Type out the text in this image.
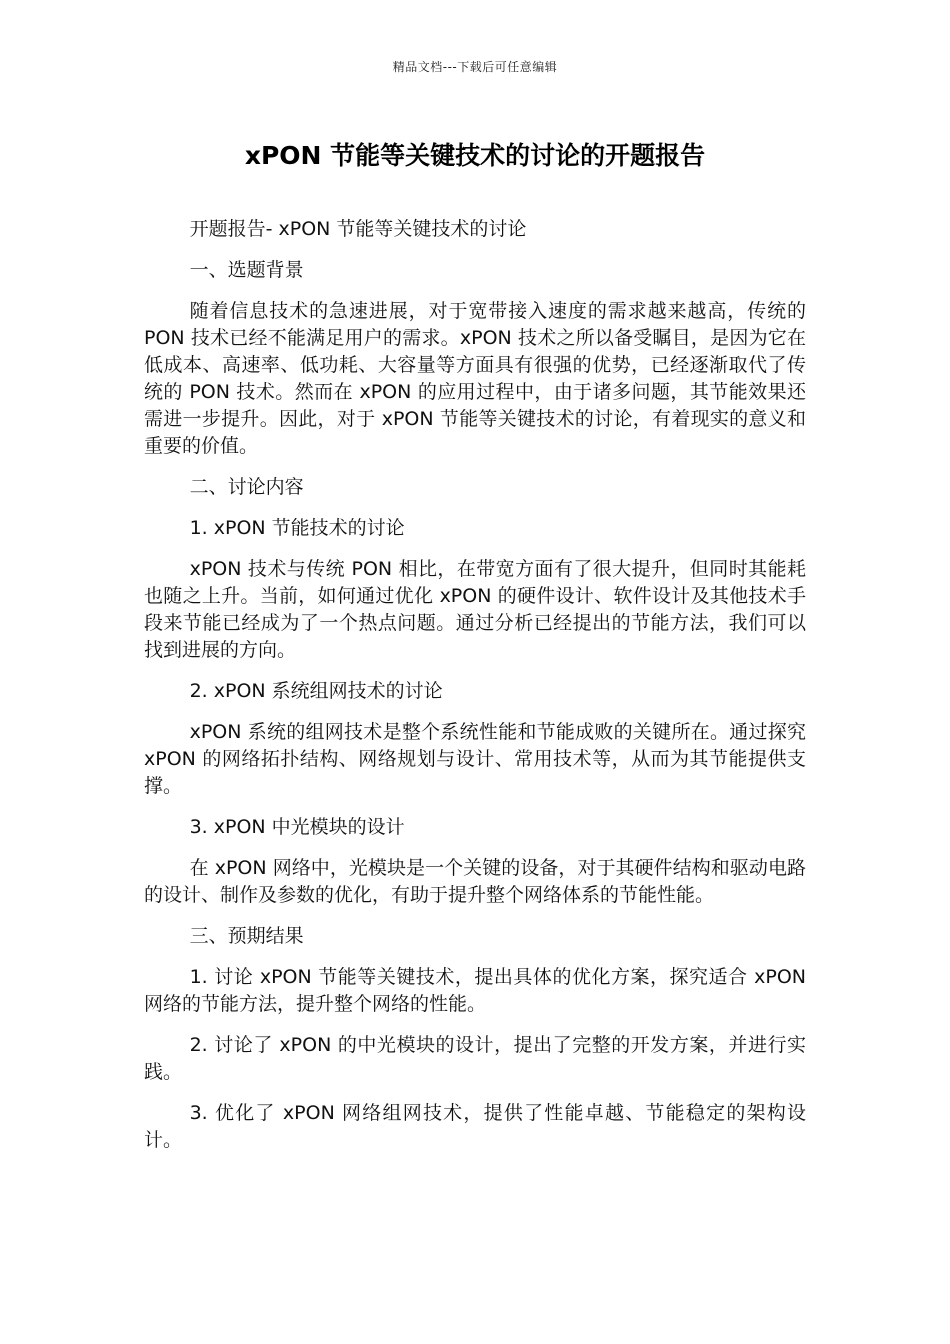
精品文档---下载后可任意编辑
xPON 节能等关键技术的讨论的开题报告

开题报告- xPON 节能等关键技术的讨论

一、选题背景

随着信息技术的急速进展，对于宽带接入速度的需求越来越高，传统的 PON 技术已经不能满足用户的需求。xPON 技术之所以备受瞩目，是因为它在低成本、高速率、低功耗、大容量等方面具有很强的优势，已经逐渐取代了传统的 PON 技术。然而在 xPON 的应用过程中，由于诸多问题，其节能效果还需进一步提升。因此，对于 xPON 节能等关键技术的讨论，有着现实的意义和重要的价值。

二、讨论内容

1. xPON 节能技术的讨论

xPON 技术与传统 PON 相比，在带宽方面有了很大提升，但同时其能耗也随之上升。当前，如何通过优化 xPON 的硬件设计、软件设计及其他技术手段来节能已经成为了一个热点问题。通过分析已经提出的节能方法，我们可以找到进展的方向。

2. xPON 系统组网技术的讨论

xPON 系统的组网技术是整个系统性能和节能成败的关键所在。通过探究 xPON 的网络拓扑结构、网络规划与设计、常用技术等，从而为其节能提供支撑。

3. xPON 中光模块的设计

在 xPON 网络中，光模块是一个关键的设备，对于其硬件结构和驱动电路的设计、制作及参数的优化，有助于提升整个网络体系的节能性能。

三、预期结果

1. 讨论 xPON 节能等关键技术，提出具体的优化方案，探究适合 xPON 网络的节能方法，提升整个网络的性能。

2. 讨论了 xPON 的中光模块的设计，提出了完整的开发方案，并进行实践。

3. 优化了 xPON 网络组网技术，提供了性能卓越、节能稳定的架构设计。
